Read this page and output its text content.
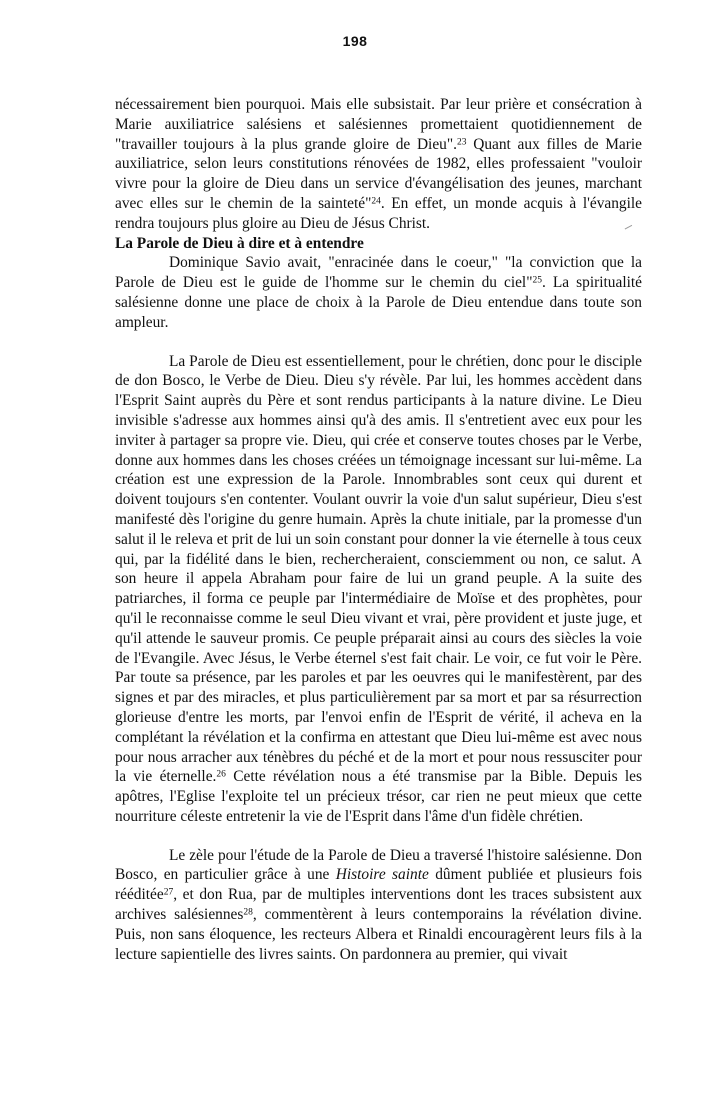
198

nécessairement bien pourquoi. Mais elle subsistait. Par leur prière et consécration à Marie auxiliatrice salésiens et salésiennes promettaient quotidiennement de "travailler toujours à la plus grande gloire de Dieu".$^{23}$ Quant aux filles de Marie auxiliatrice, selon leurs constitutions rénovées de 1982, elles professaient "vouloir vivre pour la gloire de Dieu dans un service d'évangélisation des jeunes, marchant avec elles sur le chemin de la sainteté"$^{24}$. En effet, un monde acquis à l'évangile rendra toujours plus gloire au Dieu de Jésus Christ.

La Parole de Dieu à dire et à entendre

Dominique Savio avait, "enracinée dans le coeur," "la conviction que la Parole de Dieu est le guide de l'homme sur le chemin du ciel"$^{25}$. La spiritualité salésienne donne une place de choix à la Parole de Dieu entendue dans toute son ampleur.

La Parole de Dieu est essentiellement, pour le chrétien, donc pour le disciple de don Bosco, le Verbe de Dieu. Dieu s'y révèle. Par lui, les hommes accèdent dans l'Esprit Saint auprès du Père et sont rendus participants à la nature divine. Le Dieu invisible s'adresse aux hommes ainsi qu'à des amis. Il s'entretient avec eux pour les inviter à partager sa propre vie. Dieu, qui crée et conserve toutes choses par le Verbe, donne aux hommes dans les choses créées un témoignage incessant sur lui-même. La création est une expression de la Parole. Innombrables sont ceux qui durent et doivent toujours s'en contenter. Voulant ouvrir la voie d'un salut supérieur, Dieu s'est manifesté dès l'origine du genre humain. Après la chute initiale, par la promesse d'un salut il le releva et prit de lui un soin constant pour donner la vie éternelle à tous ceux qui, par la fidélité dans le bien, rechercheraient, consciemment ou non, ce salut. A son heure il appela Abraham pour faire de lui un grand peuple. A la suite des patriarches, il forma ce peuple par l'intermédiaire de Moïse et des prophètes, pour qu'il le reconnaisse comme le seul Dieu vivant et vrai, père provident et juste juge, et qu'il attende le sauveur promis. Ce peuple préparait ainsi au cours des siècles la voie de l'Evangile. Avec Jésus, le Verbe éternel s'est fait chair. Le voir, ce fut voir le Père. Par toute sa présence, par les paroles et par les oeuvres qui le manifestèrent, par des signes et par des miracles, et plus particulièrement par sa mort et par sa résurrection glorieuse d'entre les morts, par l'envoi enfin de l'Esprit de vérité, il acheva en la complétant la révélation et la confirma en attestant que Dieu lui-même est avec nous pour nous arracher aux ténèbres du péché et de la mort et pour nous ressusciter pour la vie éternelle.$^{26}$ Cette révélation nous a été transmise par la Bible. Depuis les apôtres, l'Eglise l'exploite tel un précieux trésor, car rien ne peut mieux que cette nourriture céleste entretenir la vie de l'Esprit dans l'âme d'un fidèle chrétien.

Le zèle pour l'étude de la Parole de Dieu a traversé l'histoire salésienne. Don Bosco, en particulier grâce à une Histoire sainte dûment publiée et plusieurs fois rééditée$^{27}$, et don Rua, par de multiples interventions dont les traces subsistent aux archives salésiennes$^{28}$, commentèrent à leurs contemporains la révélation divine. Puis, non sans éloquence, les recteurs Albera et Rinaldi encouragèrent leurs fils à la lecture sapientielle des livres saints. On pardonnera au premier, qui vivait
